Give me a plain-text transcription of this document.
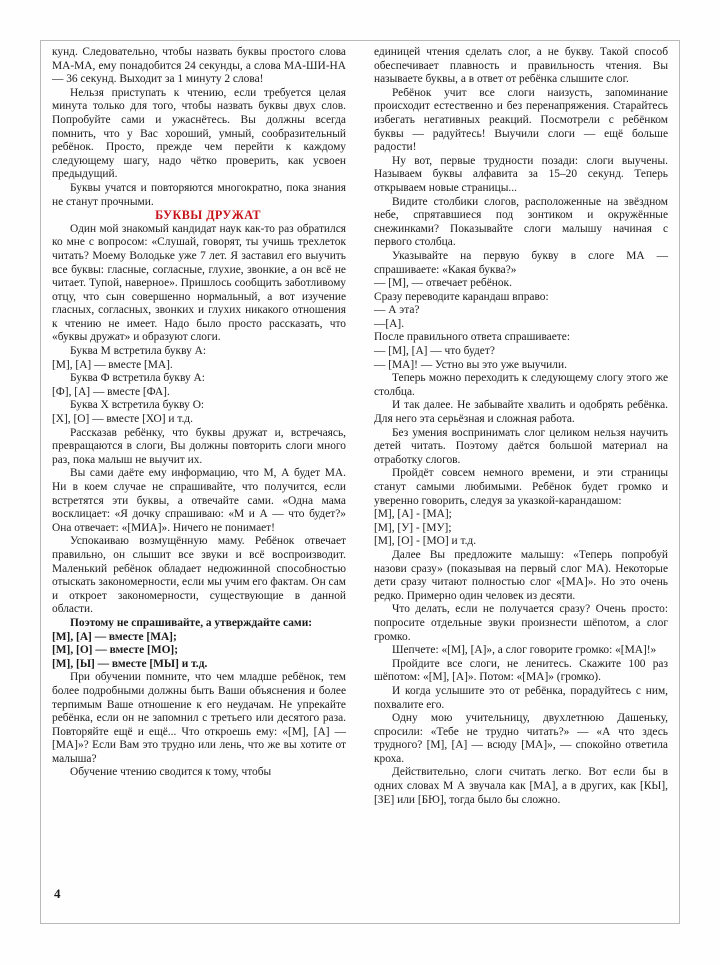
кунд. Следовательно, чтобы назвать буквы простого слова МА-МА, ему понадобится 24 секунды, а слова МА-ШИ-НА — 36 секунд. Выходит за 1 минуту 2 слова!

Нельзя приступать к чтению, если требуется целая минута только для того, чтобы назвать буквы двух слов. Попробуйте сами и ужаснётесь. Вы должны всегда помнить, что у Вас хороший, умный, сообразительный ребёнок. Просто, прежде чем перейти к каждому следующему шагу, надо чётко проверить, как усвоен предыдущий.

Буквы учатся и повторяются многократно, пока знания не станут прочными.

БУКВЫ ДРУЖАТ

Один мой знакомый кандидат наук как-то раз обратился ко мне с вопросом: «Слушай, говорят, ты учишь трехлеток читать? Моему Володьке уже 7 лет. Я заставил его выучить все буквы: гласные, согласные, глухие, звонкие, а он всё не читает. Тупой, наверное». Пришлось сообщить заботливому отцу, что сын совершенно нормальный, а вот изучение гласных, согласных, звонких и глухих никакого отношения к чтению не имеет. Надо было просто рассказать, что «буквы дружат» и образуют слоги.

Буква М встретила букву А:

[М], [А] — вместе [МА].

Буква Ф встретила букву А:

[Ф], [А] — вместе [ФА].

Буква Х встретила букву О:

[Х], [О] — вместе [ХО] и т.д.

Рассказав ребёнку, что буквы дружат и, встречаясь, превращаются в слоги, Вы должны повторить слоги много раз, пока малыш не выучит их.

Вы сами даёте ему информацию, что М, А будет МА. Ни в коем случае не спрашивайте, что получится, если встретятся эти буквы, а отвечайте сами. «Одна мама восклицает: «Я дочку спрашиваю: «М и А — что будет?» Она отвечает: «[МИА]». Ничего не понимает!

Успокаиваю возмущённую маму. Ребёнок отвечает правильно, он слышит все звуки и всё воспроизводит. Маленький ребёнок обладает недюжинной способностью отыскать закономерности, если мы учим его фактам. Он сам и откроет закономерности, существующие в данной области.

Поэтому не спрашивайте, а утверждайте сами:

[М], [А] — вместе [МА];

[М], [О] — вместе [МО];

[М], [Ы] — вместе [МЫ] и т.д.

При обучении помните, что чем младше ребёнок, тем более подробными должны быть Ваши объяснения и более терпимым Ваше отношение к его неудачам. Не упрекайте ребёнка, если он не запомнил с третьего или десятого раза. Повторяйте ещё и ещё... Что откроешь ему: «[М], [А] — [МА]»? Если Вам это трудно или лень, что же вы хотите от малыша?

Обучение чтению сводится к тому, чтобы

единицей чтения сделать слог, а не букву. Такой способ обеспечивает плавность и правильность чтения. Вы называете буквы, а в ответ от ребёнка слышите слог.

Ребёнок учит все слоги наизусть, запоминание происходит естественно и без перенапряжения. Старайтесь избегать негативных реакций. Посмотрели с ребёнком буквы — радуйтесь! Выучили слоги — ещё больше радости!

Ну вот, первые трудности позади: слоги выучены. Называем буквы алфавита за 15–20 секунд. Теперь открываем новые страницы...

Видите столбики слогов, расположенные на звёздном небе, спрятавшиеся под зонтиком и окружённые снежинками? Показывайте слоги малышу начиная с первого столбца.

Указывайте на первую букву в слоге МА — спрашиваете: «Какая буква?»

— [М], — отвечает ребёнок.

Сразу переводите карандаш вправо:

— А эта?

—[А].

После правильного ответа спрашиваете:

— [М], [А] — что будет?

— [МА]! — Устно вы это уже выучили.

Теперь можно переходить к следующему слогу этого же столбца.

И так далее. Не забывайте хвалить и одобрять ребёнка. Для него эта серьёзная и сложная работа.

Без умения воспринимать слог целиком нельзя научить детей читать. Поэтому даётся большой материал на отработку слогов.

Пройдёт совсем немного времени, и эти страницы станут самыми любимыми. Ребёнок будет громко и уверенно говорить, следуя за указкой-карандашом:

[М], [А] - [МА];

[М], [У] - [МУ];

[М], [О] - [МО] и т.д.

Далее Вы предложите малышу: «Теперь попробуй назови сразу» (показывая на первый слог МА). Некоторые дети сразу читают полностью слог «[МА]». Но это очень редко. Примерно один человек из десяти.

Что делать, если не получается сразу? Очень просто: попросите отдельные звуки произнести шёпотом, а слог громко.

Шепчете: «[М], [А]», а слог говорите громко: «[МА]!»

Пройдите все слоги, не ленитесь. Скажите 100 раз шёпотом: «[М], [А]». Потом: «[МА]» (громко).

И когда услышите это от ребёнка, порадуйтесь с ним, похвалите его.

Одну мою учительницу, двухлетнюю Дашеньку, спросили: «Тебе не трудно читать?» — «А что здесь трудного? [М], [А] — всюду [МА]», — спокойно ответила кроха.

Действительно, слоги считать легко. Вот если бы в одних словах М А звучала как [МА], а в других, как [КЫ], [ЗЕ] или [БЮ], тогда было бы сложно.

4
